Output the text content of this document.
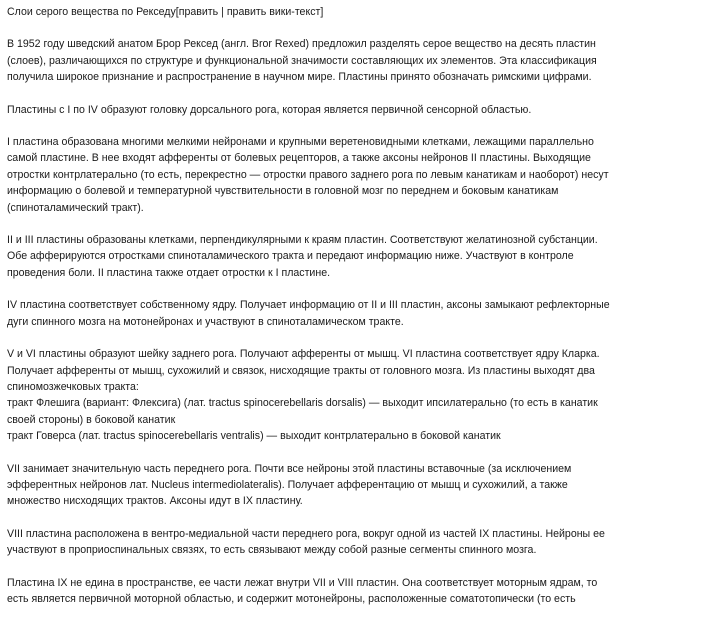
Слои серого вещества по Рекседу[править | править вики-текст]
В 1952 году шведский анатом Брор Рексед (англ. Bror Rexed) предложил разделять серое вещество на десять пластин
(слоев), различающихся по структуре и функциональной значимости составляющих их элементов. Эта классификация
получила широкое признание и распространение в научном мире. Пластины принято обозначать римскими цифрами.
Пластины с I по IV образуют головку дорсального рога, которая является первичной сенсорной областью.
I пластина образована многими мелкими нейронами и крупными веретеновидными клетками, лежащими параллельно
самой пластине. В нее входят афференты от болевых рецепторов, а также аксоны нейронов II пластины. Выходящие
отростки контрлатерально (то есть, перекрестно — отростки правого заднего рога по левым канатикам и наоборот) несут
информацию о болевой и температурной чувствительности в головной мозг по переднем и боковым канатикам
(спиноталамический тракт).
II и III пластины образованы клетками, перпендикулярными к краям пластин. Соответствуют желатинозной субстанции.
Обе афферируются отростками спиноталамического тракта и передают информацию ниже. Участвуют в контроле
проведения боли. II пластина также отдает отростки к I пластине.
IV пластина соответствует собственному ядру. Получает информацию от II и III пластин, аксоны замыкают рефлекторные
дуги спинного мозга на мотонейронах и участвуют в спиноталамическом тракте.
V и VI пластины образуют шейку заднего рога. Получают афференты от мышц. VI пластина соответствует ядру Кларка.
Получает афференты от мышц, сухожилий и связок, нисходящие тракты от головного мозга. Из пластины выходят два
спиномозжечковых тракта:
тракт Флешига (вариант: Флексига) (лат. tractus spinocerebellaris dorsalis) — выходит ипсилатерально (то есть в канатик
своей стороны) в боковой канатик
тракт Говерса (лат. tractus spinocerebellaris ventralis) — выходит контрлатерально в боковой канатик
VII занимает значительную часть переднего рога. Почти все нейроны этой пластины вставочные (за исключением
эфферентных нейронов лат. Nucleus intermediolateralis). Получает афферентацию от мышц и сухожилий, а также
множество нисходящих трактов. Аксоны идут в IX пластину.
VIII пластина расположена в вентро-медиальной части переднего рога, вокруг одной из частей IX пластины. Нейроны ее
участвуют в проприоспинальных связях, то есть связывают между собой разные сегменты спинного мозга.
Пластина IX не едина в пространстве, ее части лежат внутри VII и VIII пластин. Она соответствует моторным ядрам, то
есть является первичной моторной областью, и содержит мотонейроны, расположенные соматотопически (то есть
